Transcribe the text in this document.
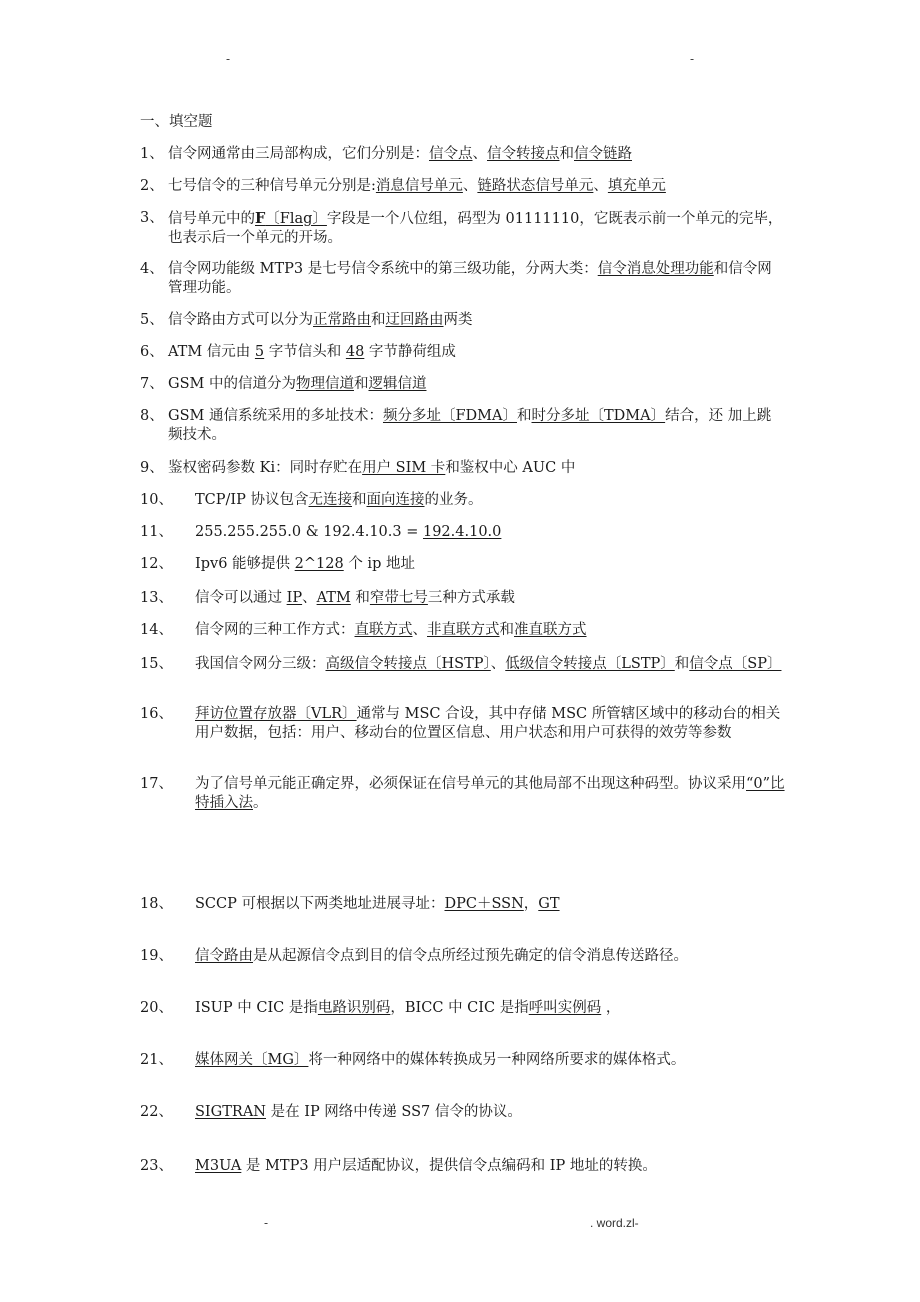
-	-
一、填空题
1、 信令网通常由三局部构成，它们分别是：信令点、信令转接点和信令链路
2、 七号信令的三种信号单元分别是:消息信号单元、链路状态信号单元、填充单元
3、 信号单元中的F〔Flag〕字段是一个八位组，码型为 01111110，它既表示前一个单元的完毕，也表示后一个单元的开场。
4、 信令网功能级 MTP3 是七号信令系统中的第三级功能，分两大类：信令消息处理功能和信令网管理功能。
5、 信令路由方式可以分为正常路由和迂回路由两类
6、 ATM 信元由 5 字节信头和 48 字节静荷组成
7、 GSM 中的信道分为物理信道和逻辑信道
8、 GSM 通信系统采用的多址技术：频分多址〔FDMA〕和时分多址〔TDMA〕结合，还 加上跳频技术。
9、 鉴权密码参数 Ki：同时存贮在用户 SIM 卡和鉴权中心 AUC 中
10、	TCP/IP 协议包含无连接和面向连接的业务。
11、	255.255.255.0 & 192.4.10.3 = 192.4.10.0
12、	Ipv6 能够提供 2^128 个 ip 地址
13、	信令可以通过 IP、ATM 和窄带七号三种方式承载
14、	信令网的三种工作方式：直联方式、非直联方式和准直联方式
15、	我国信令网分三级：高级信令转接点〔HSTP〕、低级信令转接点〔LSTP〕和信令点〔SP〕
16、	拜访位置存放器〔VLR〕通常与 MSC 合设，其中存储 MSC 所管辖区域中的移动台的相关用户数据，包括：用户、移动台的位置区信息、用户状态和用户可获得的效劳等参数
17、	为了信号单元能正确定界，必须保证在信号单元的其他局部不出现这种码型。协议采用“0”比特插入法。
18、	SCCP 可根据以下两类地址进展寻址：DPC＋SSN，GT
19、	信令路由是从起源信令点到目的信令点所经过预先确定的信令消息传送路径。
20、	ISUP 中 CIC 是指电路识别码，BICC 中 CIC 是指呼叫实例码 ，
21、	媒体网关〔MG〕将一种网络中的媒体转换成另一种网络所要求的媒体格式。
22、	SIGTRAN 是在 IP 网络中传递 SS7 信令的协议。
23、	M3UA 是 MTP3 用户层适配协议，提供信令点编码和 IP 地址的转换。
-	. word.zl-
